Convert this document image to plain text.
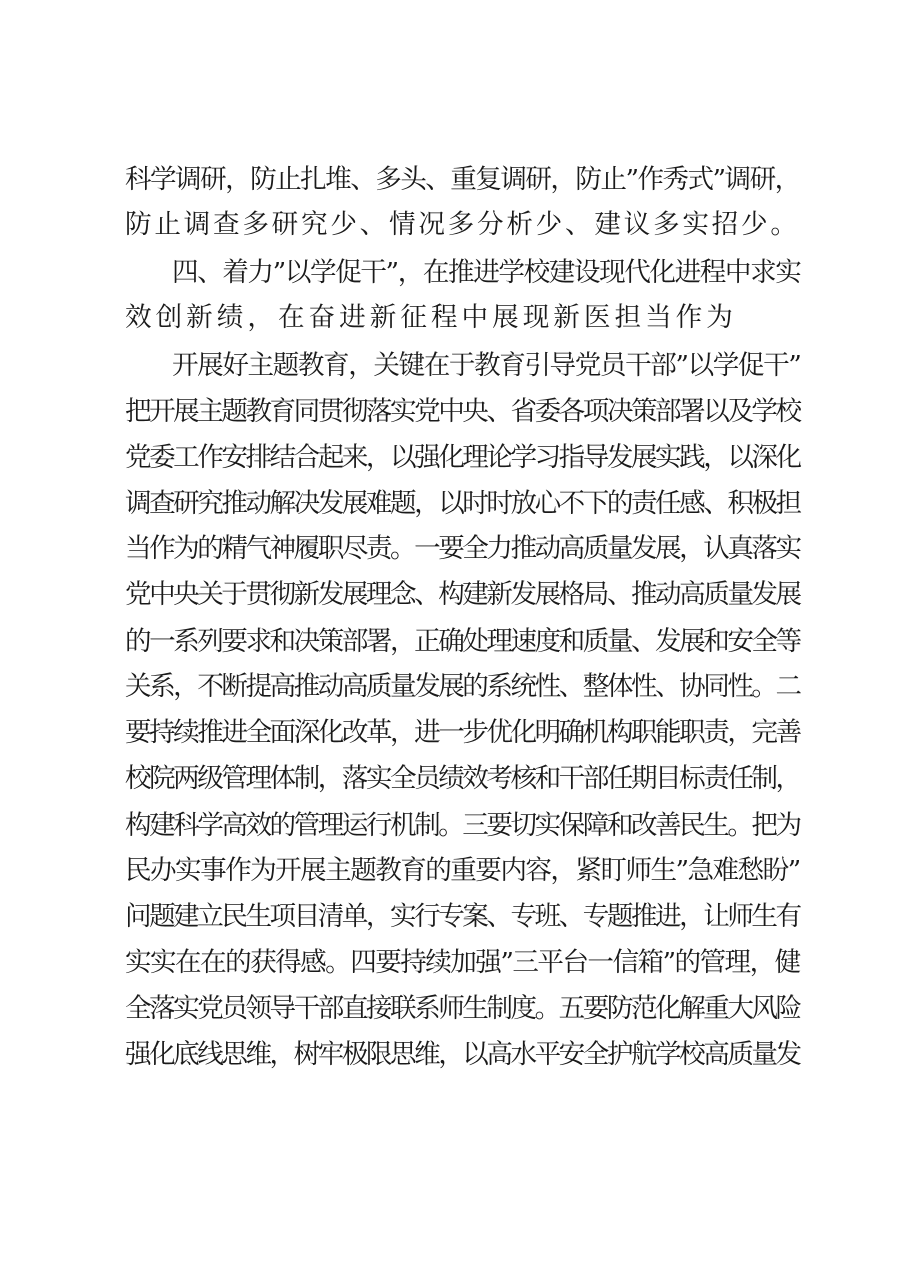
科学调研，防止扎堆、多头、重复调研，防止”作秀式”调研，

防止调查多研究少、情况多分析少、建议多实招少。

四、着力”以学促干”，在推进学校建设现代化进程中求实

效创新绩，在奋进新征程中展现新医担当作为

开展好主题教育，关键在于教育引导党员干部”以学促干”

把开展主题教育同贯彻落实党中央、省委各项决策部署以及学校

党委工作安排结合起来，以强化理论学习指导发展实践，以深化

调查研究推动解决发展难题，以时时放心不下的责任感、积极担

当作为的精气神履职尽责。一要全力推动高质量发展，认真落实

党中央关于贯彻新发展理念、构建新发展格局、推动高质量发展

的一系列要求和决策部署，正确处理速度和质量、发展和安全等

关系，不断提高推动高质量发展的系统性、整体性、协同性。二

要持续推进全面深化改革，进一步优化明确机构职能职责，完善

校院两级管理体制，落实全员绩效考核和干部任期目标责任制，

构建科学高效的管理运行机制。三要切实保障和改善民生。把为

民办实事作为开展主题教育的重要内容，紧盯师生”急难愁盼”

问题建立民生项目清单，实行专案、专班、专题推进，让师生有

实实在在的获得感。四要持续加强”三平台一信箱”的管理，健

全落实党员领导干部直接联系师生制度。五要防范化解重大风险

强化底线思维，树牢极限思维，以高水平安全护航学校高质量发
